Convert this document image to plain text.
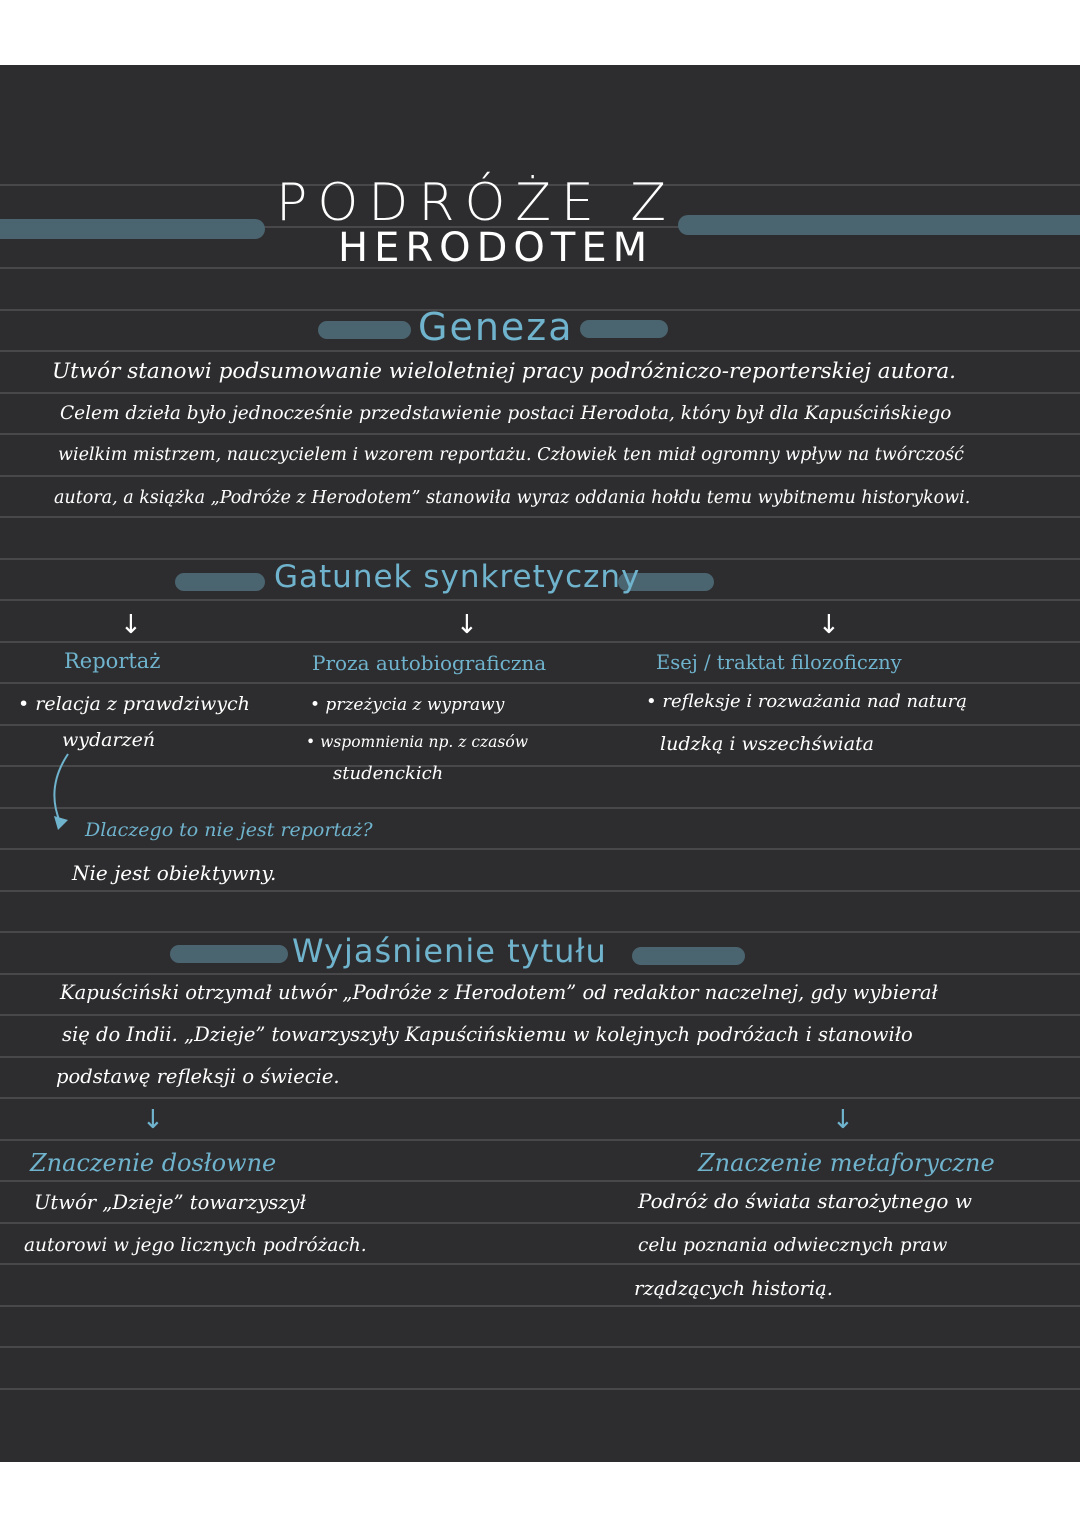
PODRÓŻE Z
HERODOTEM
Geneza
Utwór stanowi podsumowanie wieloletniej pracy podróżniczo-reporterskiej autora.
Celem dzieła było jednocześnie przedstawienie postaci Herodota, który był dla Kapuścińskiego
wielkim mistrzem, nauczycielem i wzorem reportażu. Człowiek ten miał ogromny wpływ na twórczość
autora, a książka „Podróże z Herodotem” stanowiła wyraz oddania hołdu temu wybitnemu historykowi.
Gatunek synkretyczny
↓	↓	↓
Reportaż
• relacja z prawdziwych
wydarzeń
Proza autobiograficzna
• przeżycia z wyprawy
• wspomnienia np. z czasów
studenckich
Esej / traktat filozoficzny
• refleksje i rozważania nad naturą
ludzką i wszechświata
Dlaczego to nie jest reportaż?
Nie jest obiektywny.
Wyjaśnienie tytułu
Kapuściński otrzymał utwór „Podróże z Herodotem” od redaktor naczelnej, gdy wybierał
się do Indii. „Dzieje” towarzyszyły Kapuścińskiemu w kolejnych podróżach i stanowiło
podstawę refleksji o świecie.
↓	↓
Znaczenie dosłowne
Utwór „Dzieje” towarzyszył
autorowi w jego licznych podróżach.
Znaczenie metaforyczne
Podróż do świata starożytnego w
celu poznania odwiecznych praw
rządzących historią.
